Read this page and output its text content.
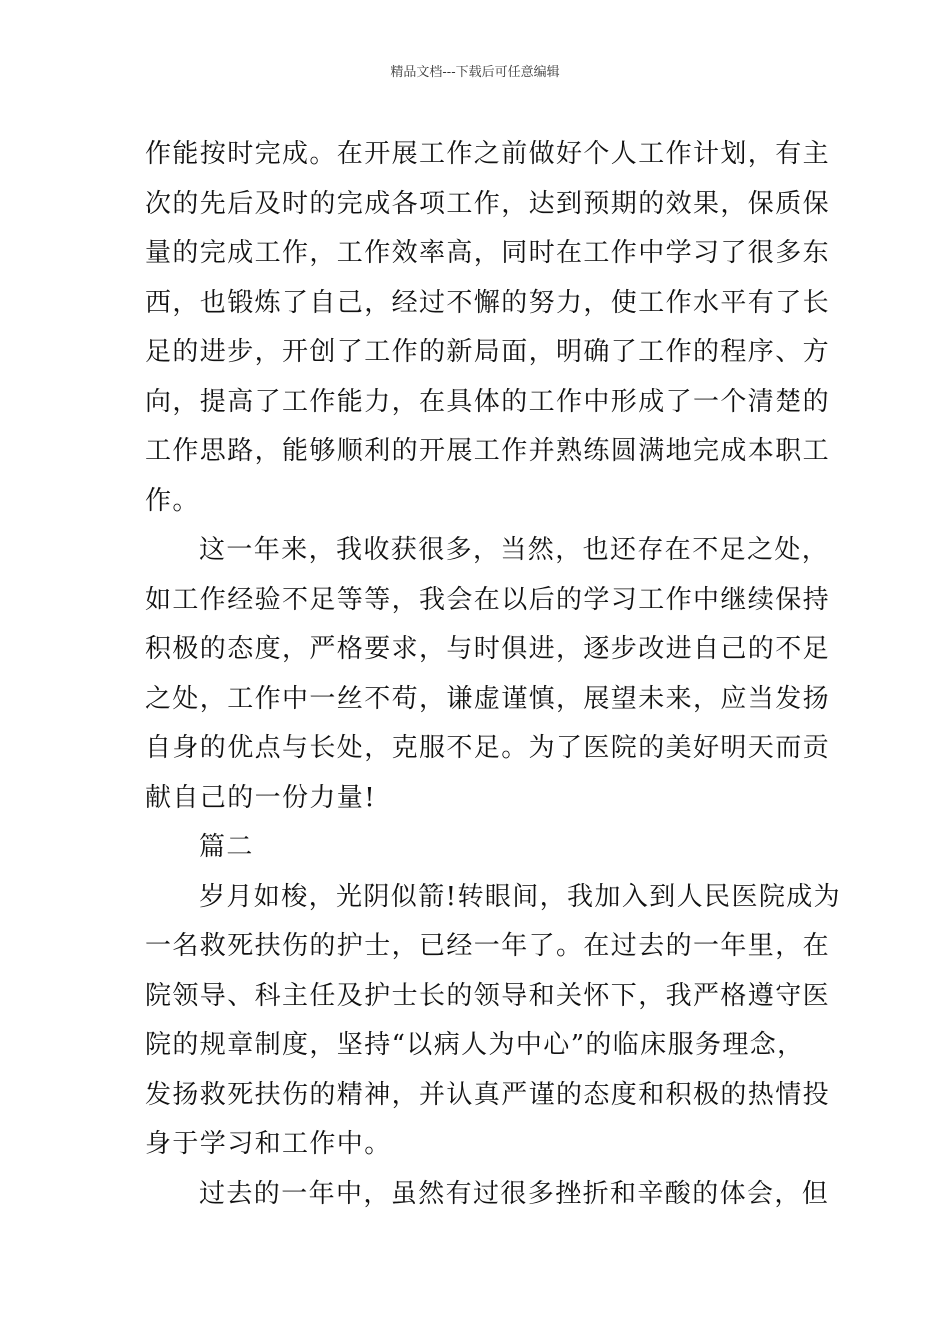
精品文档---下载后可任意编辑
作能按时完成。在开展工作之前做好个人工作计划，有主
次的先后及时的完成各项工作，达到预期的效果，保质保
量的完成工作，工作效率高，同时在工作中学习了很多东
西，也锻炼了自己，经过不懈的努力，使工作水平有了长
足的进步，开创了工作的新局面，明确了工作的程序、方
向，提高了工作能力，在具体的工作中形成了一个清楚的
工作思路，能够顺利的开展工作并熟练圆满地完成本职工
作。
这一年来，我收获很多，当然，也还存在不足之处，
如工作经验不足等等，我会在以后的学习工作中继续保持
积极的态度，严格要求，与时俱进，逐步改进自己的不足
之处，工作中一丝不苟，谦虚谨慎，展望未来，应当发扬
自身的优点与长处，克服不足。为了医院的美好明天而贡
献自己的一份力量!
篇二
岁月如梭，光阴似箭!转眼间，我加入到人民医院成为
一名救死扶伤的护士，已经一年了。在过去的一年里，在
院领导、科主任及护士长的领导和关怀下，我严格遵守医
院的规章制度，坚持“以病人为中心”的临床服务理念，
发扬救死扶伤的精神，并认真严谨的态度和积极的热情投
身于学习和工作中。
过去的一年中，虽然有过很多挫折和辛酸的体会，但
